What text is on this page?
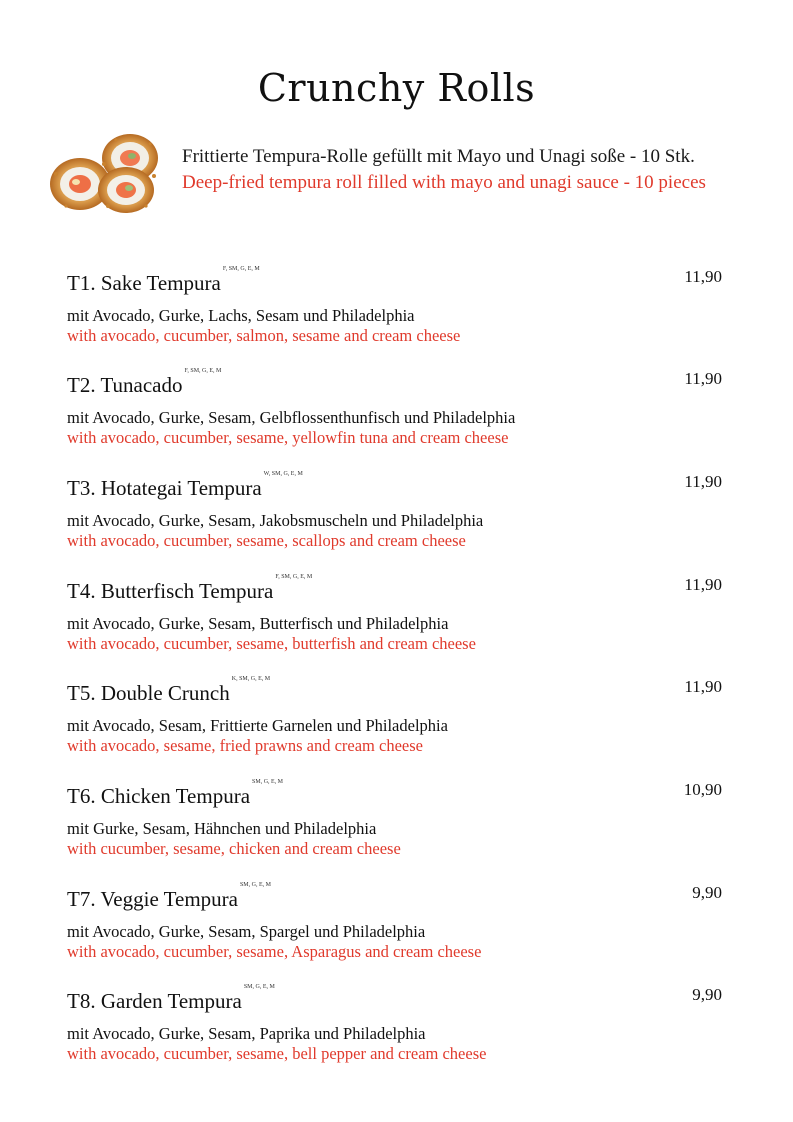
Crunchy Rolls
Frittierte Tempura-Rolle gefüllt mit Mayo und Unagi soße - 10 Stk.
Deep-fried tempura roll filled with mayo and unagi sauce - 10 pieces
T1. Sake Tempura$^{F, SM, G, E, M}$	11,90
mit Avocado, Gurke, Lachs, Sesam und Philadelphia
with avocado, cucumber, salmon, sesame and cream cheese
T2. Tunacado$^{F, SM, G, E, M}$	11,90
mit Avocado, Gurke, Sesam, Gelbflossenthunfisch und Philadelphia
with avocado, cucumber, sesame, yellowfin tuna and cream cheese
T3. Hotategai Tempura$^{W, SM, G, E, M}$	11,90
mit Avocado, Gurke, Sesam, Jakobsmuscheln und Philadelphia
with avocado, cucumber, sesame, scallops and cream cheese
T4. Butterfisch Tempura$^{F, SM, G, E, M}$	11,90
mit Avocado, Gurke, Sesam, Butterfisch und Philadelphia
with avocado, cucumber, sesame, butterfish and cream cheese
T5. Double Crunch$^{K, SM, G, E, M}$	11,90
mit Avocado, Sesam, Frittierte Garnelen und Philadelphia
with avocado, sesame, fried prawns and cream cheese
T6. Chicken Tempura$^{SM, G, E, M}$	10,90
mit Gurke, Sesam, Hähnchen und Philadelphia
with cucumber, sesame, chicken and cream cheese
T7. Veggie Tempura$^{SM, G, E, M}$	9,90
mit Avocado, Gurke, Sesam, Spargel und Philadelphia
with avocado, cucumber, sesame, Asparagus and cream cheese
T8. Garden Tempura$^{SM, G, E, M}$	9,90
mit Avocado, Gurke, Sesam, Paprika und Philadelphia
with avocado, cucumber, sesame, bell pepper and cream cheese
